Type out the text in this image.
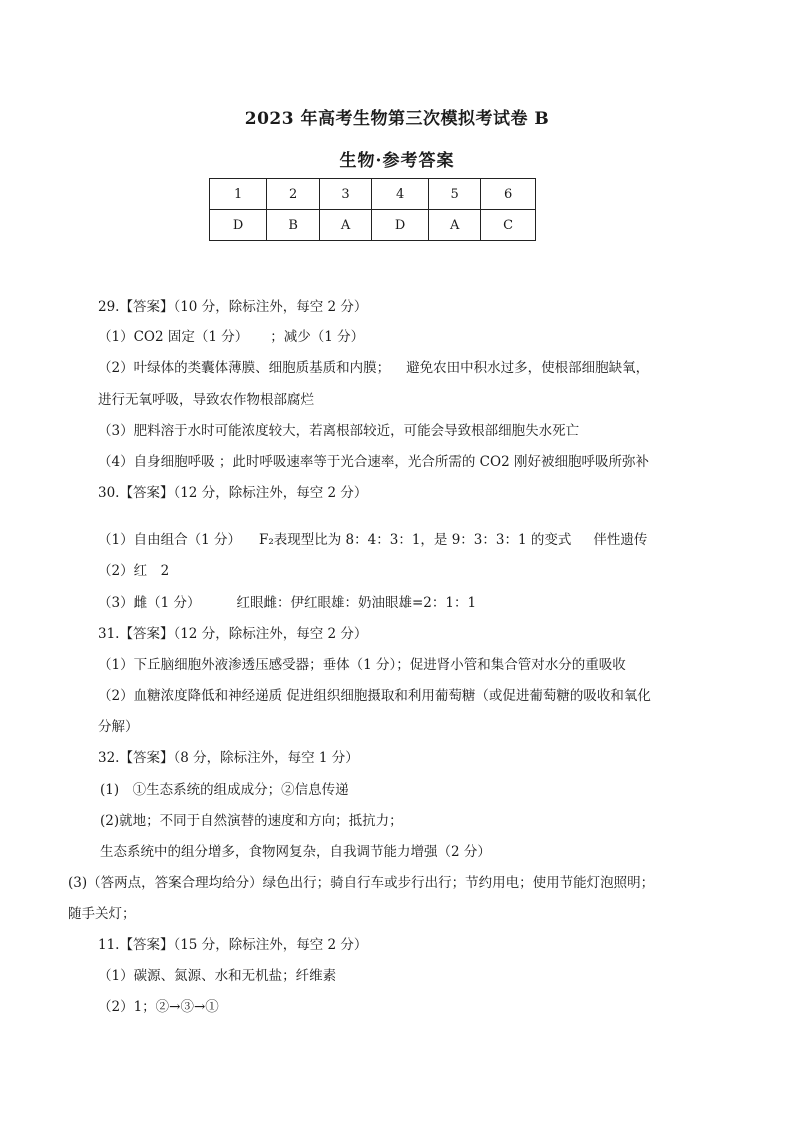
2023 年高考生物第三次模拟考试卷 B
生物·参考答案
1	2	3	4	5	6
D	B	A	D	A	C
29.【答案】（10 分，除标注外，每空 2 分）
（1）CO2 固定（1 分） ；减少（1 分）
（2）叶绿体的类囊体薄膜、细胞质基质和内膜； 避免农田中积水过多，使根部细胞缺氧，
进行无氧呼吸，导致农作物根部腐烂
（3）肥料溶于水时可能浓度较大，若离根部较近，可能会导致根部细胞失水死亡
（4）自身细胞呼吸 ；此时呼吸速率等于光合速率，光合所需的 CO2 刚好被细胞呼吸所弥补
30.【答案】（12 分，除标注外，每空 2 分）
（1）自由组合（1 分） F₂表现型比为 8：4：3：1，是 9：3：3：1 的变式 伴性遗传
（2）红　2
（3）雌（1 分）	红眼雌：伊红眼雄：奶油眼雄=2：1：1
31.【答案】（12 分，除标注外，每空 2 分）
（1）下丘脑细胞外液渗透压感受器；垂体（1 分）；促进肾小管和集合管对水分的重吸收
（2）血糖浓度降低和神经递质 促进组织细胞摄取和利用葡萄糖（或促进葡萄糖的吸收和氧化
分解）
32.【答案】（8 分，除标注外，每空 1 分）
(1)　①生态系统的组成成分；②信息传递
(2)就地；不同于自然演替的速度和方向；抵抗力；
生态系统中的组分增多，食物网复杂，自我调节能力增强（2 分）
(3)（答两点，答案合理均给分）绿色出行；骑自行车或步行出行；节约用电；使用节能灯泡照明；
随手关灯；
11.【答案】（15 分，除标注外，每空 2 分）
（1）碳源、氮源、水和无机盐；纤维素
（2）1；②→③→①
